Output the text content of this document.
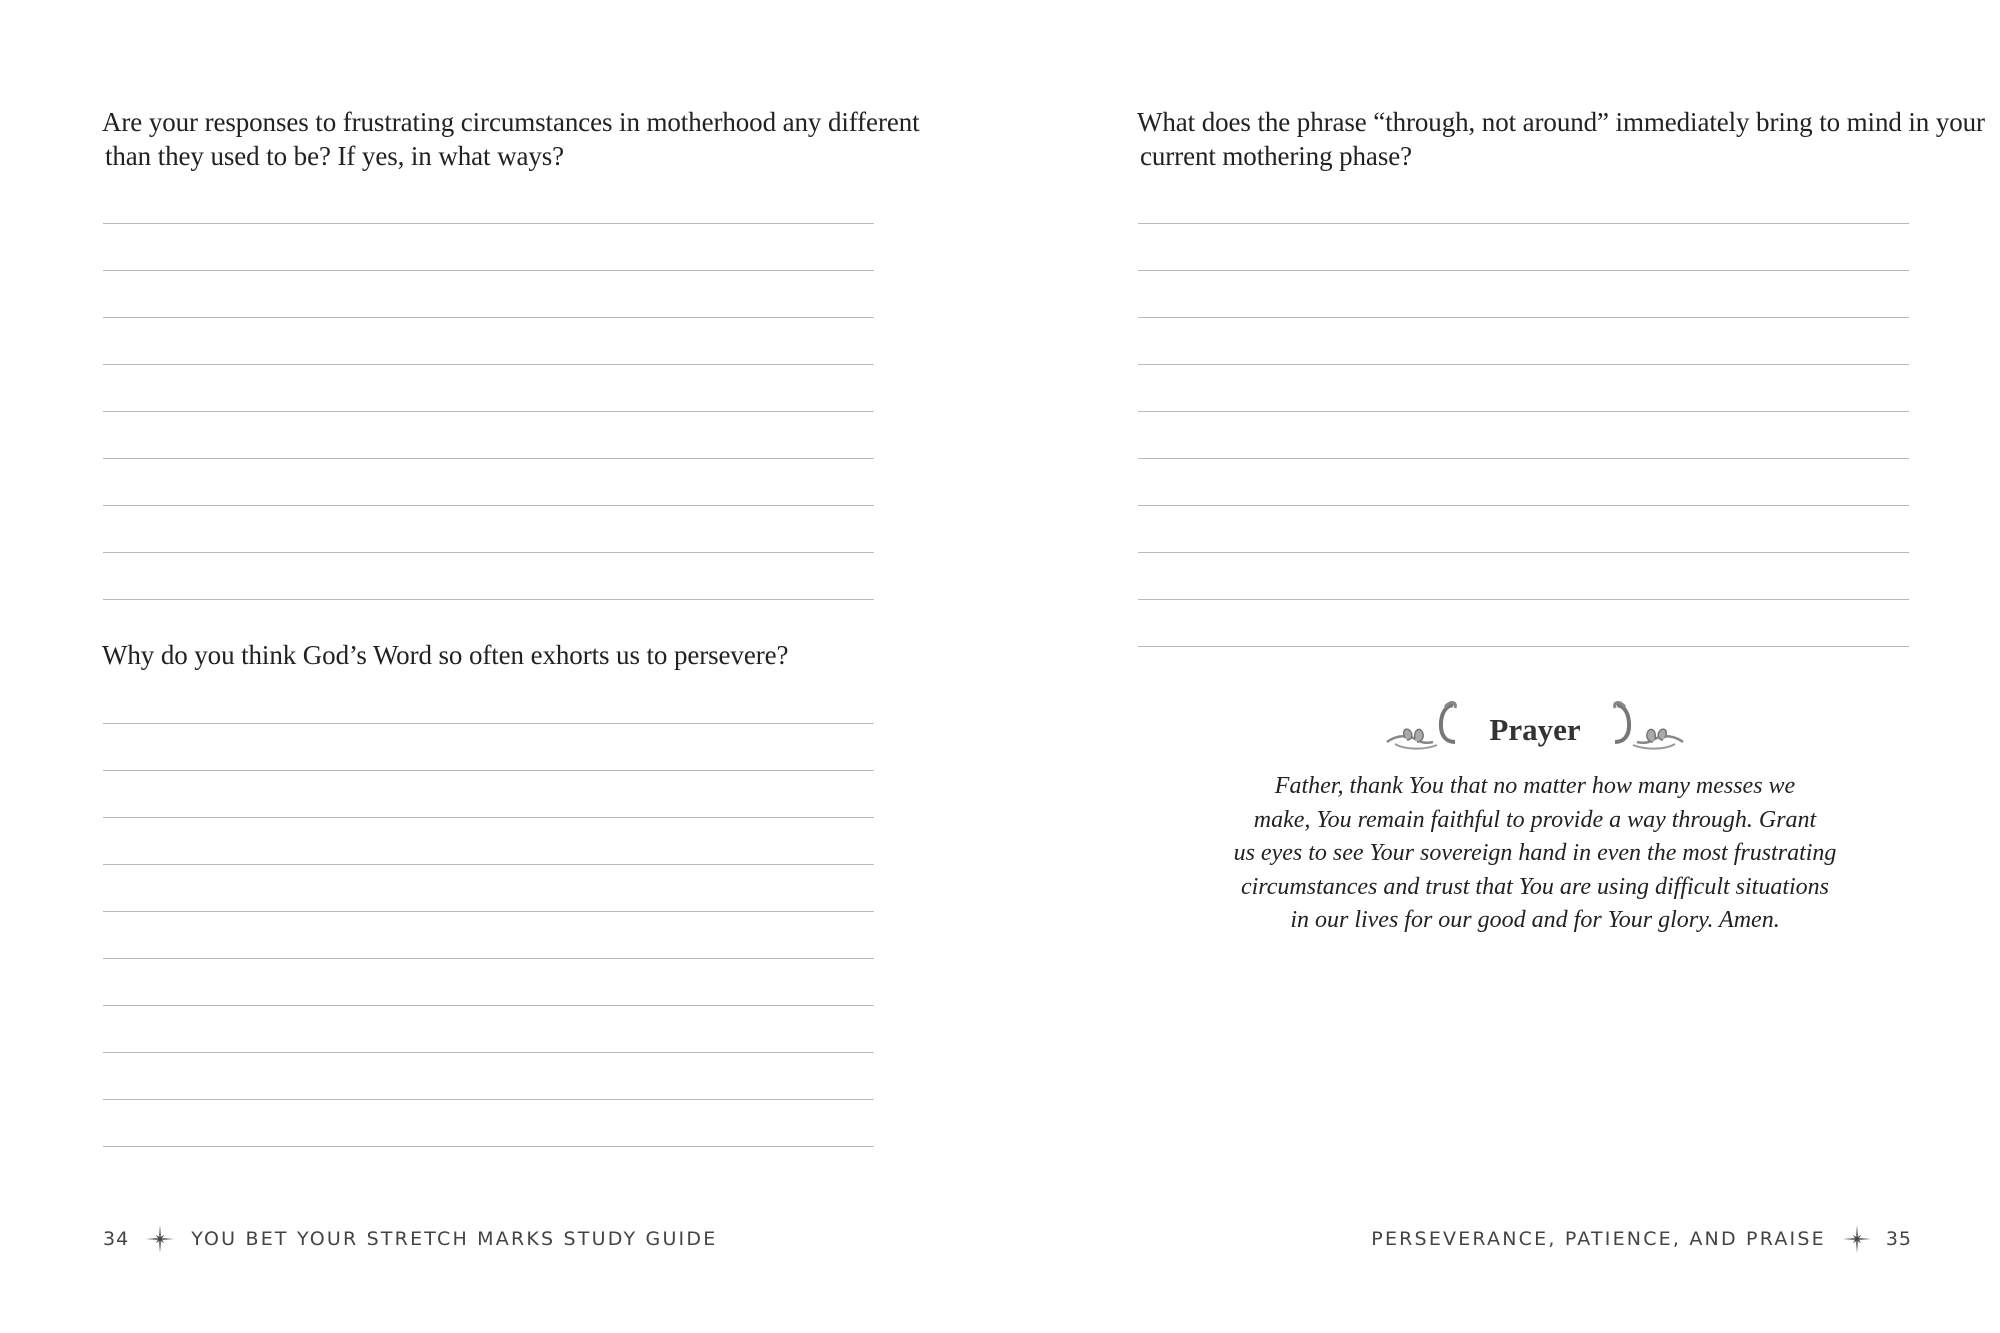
Are your responses to frustrating circumstances in motherhood any different
than they used to be? If yes, in what ways?

Why do you think God’s Word so often exhorts us to persevere?

34	YOU BET YOUR STRETCH MARKS STUDY GUIDE

What does the phrase “through, not around” immediately bring to mind in your
current mothering phase?

Prayer
Father, thank You that no matter how many messes we
make, You remain faithful to provide a way through. Grant
us eyes to see Your sovereign hand in even the most frustrating
circumstances and trust that You are using difficult situations
in our lives for our good and for Your glory. Amen.
PERSEVERANCE, PATIENCE, AND PRAISE	35
